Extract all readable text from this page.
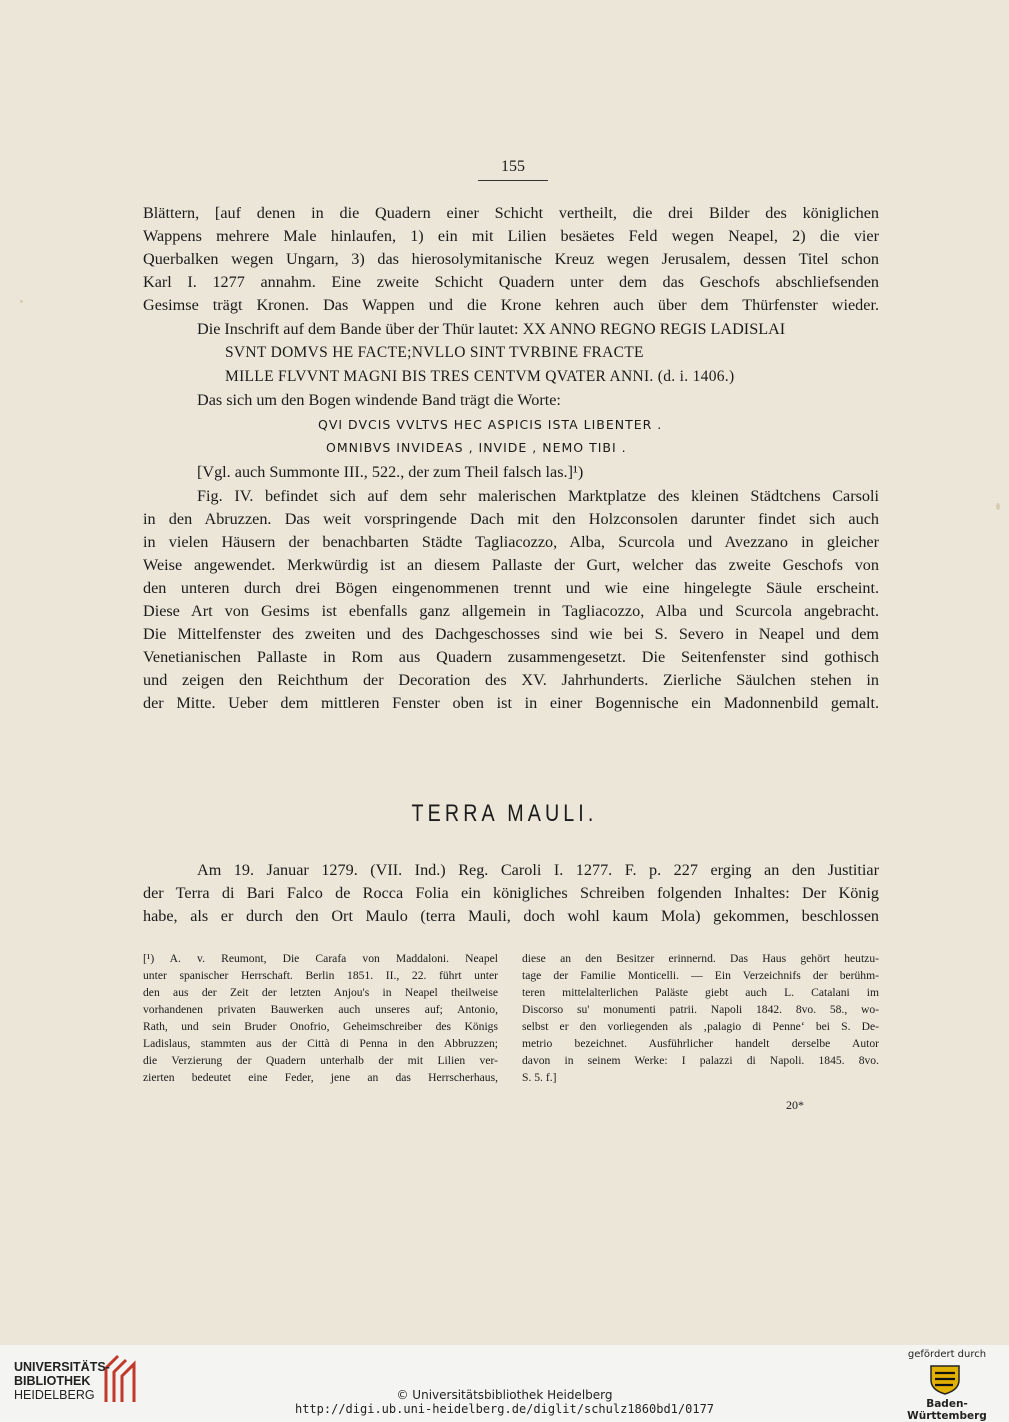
155
Blättern, [auf denen in die Quadern einer Schicht vertheilt, die drei Bilder des königlichen
Wappens mehrere Male hinlaufen, 1) ein mit Lilien besäetes Feld wegen Neapel, 2) die vier
Querbalken wegen Ungarn, 3) das hierosolymitanische Kreuz wegen Jerusalem, dessen Titel schon
Karl I. 1277 annahm. Eine zweite Schicht Quadern unter dem das Geschofs abschliefsenden
Gesimse trägt Kronen. Das Wappen und die Krone kehren auch über dem Thürfenster wieder.
Die Inschrift auf dem Bande über der Thür lautet: XX ANNO REGNO REGIS LADISLAI
SVNT DOMVS HE FACTE;NVLLO SINT TVRBINE FRACTE
MILLE FLVVNT MAGNI BIS TRES CENTVM QVATER ANNI. (d. i. 1406.)
Das sich um den Bogen windende Band trägt die Worte:
QVI DVCIS VVLTVS HEC ASPICIS ISTA LIBENTER .
OMNIBVS INVIDEAS , INVIDE , NEMO TIBI .
[Vgl. auch Summonte III., 522., der zum Theil falsch las.]¹)
Fig. IV. befindet sich auf dem sehr malerischen Marktplatze des kleinen Städtchens Carsoli
in den Abruzzen. Das weit vorspringende Dach mit den Holzconsolen darunter findet sich auch
in vielen Häusern der benachbarten Städte Tagliacozzo, Alba, Scurcola und Avezzano in gleicher
Weise angewendet. Merkwürdig ist an diesem Pallaste der Gurt, welcher das zweite Geschofs von
den unteren durch drei Bögen eingenommenen trennt und wie eine hingelegte Säule erscheint.
Diese Art von Gesims ist ebenfalls ganz allgemein in Tagliacozzo, Alba und Scurcola angebracht.
Die Mittelfenster des zweiten und des Dachgeschosses sind wie bei S. Severo in Neapel und dem
Venetianischen Pallaste in Rom aus Quadern zusammengesetzt. Die Seitenfenster sind gothisch
und zeigen den Reichthum der Decoration des XV. Jahrhunderts. Zierliche Säulchen stehen in
der Mitte. Ueber dem mittleren Fenster oben ist in einer Bogennische ein Madonnenbild gemalt.
TERRA MAULI.
Am 19. Januar 1279. (VII. Ind.) Reg. Caroli I. 1277. F. p. 227 erging an den Justitiar
der Terra di Bari Falco de Rocca Folia ein königliches Schreiben folgenden Inhaltes: Der König
habe, als er durch den Ort Maulo (terra Mauli, doch wohl kaum Mola) gekommen, beschlossen
[¹) A. v. Reumont, Die Carafa von Maddaloni. Neapel
unter spanischer Herrschaft. Berlin 1851. II., 22. führt unter
den aus der Zeit der letzten Anjou's in Neapel theilweise
vorhandenen privaten Bauwerken auch unseres auf; Antonio,
Rath, und sein Bruder Onofrio, Geheimschreiber des Königs
Ladislaus, stammten aus der Città di Penna in den Abbruzzen;
die Verzierung der Quadern unterhalb der mit Lilien ver-
zierten bedeutet eine Feder, jene an das Herrscherhaus,
diese an den Besitzer erinnernd. Das Haus gehört heutzu-
tage der Familie Monticelli. — Ein Verzeichnifs der berühm-
teren mittelalterlichen Paläste giebt auch L. Catalani im
Discorso su' monumenti patrii. Napoli 1842. 8vo. 58., wo-
selbst er den vorliegenden als ‚palagio di Penne‘ bei S. De-
metrio bezeichnet. Ausführlicher handelt derselbe Autor
davon in seinem Werke: I palazzi di Napoli. 1845. 8vo.
S. 5. f.]
20*
UNIVERSITÄTS-
BIBLIOTHEK
HEIDELBERG	© Universitätsbibliothek Heidelberg
http://digi.ub.uni-heidelberg.de/diglit/schulz1860bd1/0177
gefördert durch
Baden-Württemberg
